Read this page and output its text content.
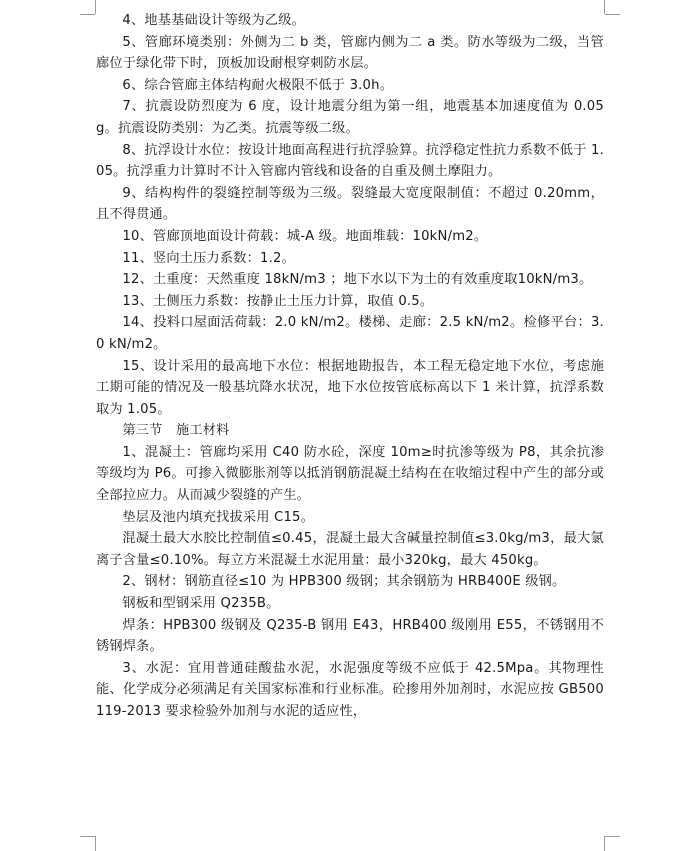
4、地基基础设计等级为乙级。

5、管廊环境类别：外侧为二 b 类，管廊内侧为二 a 类。防水等级为二级，当管廊位于绿化带下时，顶板加设耐根穿刺防水层。

6、综合管廊主体结构耐火极限不低于 3.0h。

7、抗震设防烈度为 6 度，设计地震分组为第一组，地震基本加速度值为 0.05g。抗震设防类别：为乙类。抗震等级二级。

8、抗浮设计水位：按设计地面高程进行抗浮验算。抗浮稳定性抗力系数不低于 1.05。抗浮重力计算时不计入管廊内管线和设备的自重及侧土摩阻力。

9、结构构件的裂缝控制等级为三级。裂缝最大宽度限制值：不超过 0.20mm， 且不得贯通。

10、管廊顶地面设计荷载：城-A 级。地面堆载：10kN/m2。

11、竖向土压力系数：1.2。

12、土重度：天然重度 18kN/m3 ；地下水以下为土的有效重度取10kN/m3。

13、土侧压力系数：按静止土压力计算，取值 0.5。

14、投料口屋面活荷载：2.0 kN/m2。楼梯、走廊：2.5 kN/m2。检修平台：3.0 kN/m2。

15、设计采用的最高地下水位：根据地勘报告，本工程无稳定地下水位，考虑施工期可能的情况及一般基坑降水状况，地下水位按管底标高以下 1 米计算，抗浮系数取为 1.05。

第三节　施工材料

1、混凝土：管廊均采用 C40 防水砼，深度 10m≥时抗渗等级为 P8，其余抗渗等级均为 P6。可掺入微膨胀剂等以抵消钢筋混凝土结构在在收缩过程中产生的部分或全部拉应力。从而减少裂缝的产生。

垫层及池内填充找拔采用 C15。

混凝土最大水胶比控制值≤0.45，混凝土最大含碱量控制值≤3.0kg/m3，最大氯离子含量≤0.10%。每立方米混凝土水泥用量：最小320kg，最大 450kg。

2、钢材：钢筋直径≤10 为 HPB300 级钢；其余钢筋为 HRB400E 级钢。

钢板和型钢采用 Q235B。

焊条：HPB300 级钢及 Q235-B 钢用 E43，HRB400 级刚用 E55，不锈钢用不锈钢焊条。

3、水泥：宜用普通硅酸盐水泥，水泥强度等级不应低于 42.5Mpa。其物理性能、化学成分必须满足有关国家标准和行业标准。砼掺用外加剂时，水泥应按 GB500119-2013 要求检验外加剂与水泥的适应性，
